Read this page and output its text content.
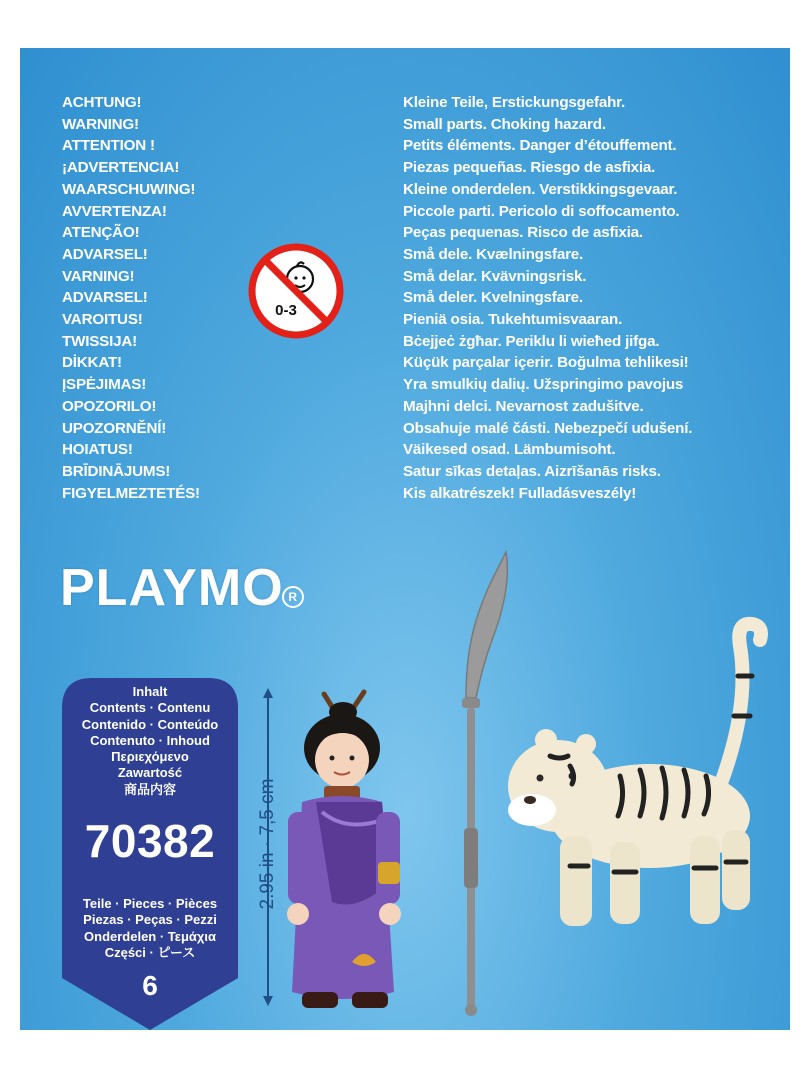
ACHTUNG!
WARNING!
ATTENTION !
¡ADVERTENCIA!
WAARSCHUWING!
AVVERTENZA!
ATENÇÃO!
ADVARSEL!
VARNING!
ADVARSEL!
VAROITUS!
TWISSIJA!
DİKKAT!
ĮSPĖJIMAS!
OPOZORILO!
UPOZORNĚNÍ!
HOIATUS!
BRĪDINĀJUMS!
FIGYELMEZTETÉS!
0-3
Kleine Teile, Erstickungsgefahr.
Small parts. Choking hazard.
Petits éléments. Danger d’étouffement.
Piezas pequeñas. Riesgo de asfixia.
Kleine onderdelen. Verstikkingsgevaar.
Piccole parti. Pericolo di soffocamento.
Peças pequenas. Risco de asfixia.
Små dele. Kvælningsfare.
Små delar. Kvävningsrisk.
Små deler. Kvelningsfare.
Pieniä osia. Tukehtumisvaaran.
Bċejjeċ żgħar. Periklu li wieħed jifga.
Küçük parçalar içerir. Boğulma tehlikesi!
Yra smulkių dalių. Užspringimo pavojus
Majhni delci. Nevarnost zadušitve.
Obsahuje malé části. Nebezpečí udušení.
Väikesed osad. Lämbumisoht.
Satur sīkas detaļas. Aizrīšanās risks.
Kis alkatrészek! Fulladásveszély!
PLAYMO R
Inhalt
Contents · Contenu
Contenido · Conteúdo
Contenuto · Inhoud
Περιεχόμενο
Zawartość
商品内容
70382
Teile · Pieces · Pièces
Piezas · Peças · Pezzi
Onderdelen · Τεμάχια
Części · ピース
6
2.95 in · 7,5 cm
